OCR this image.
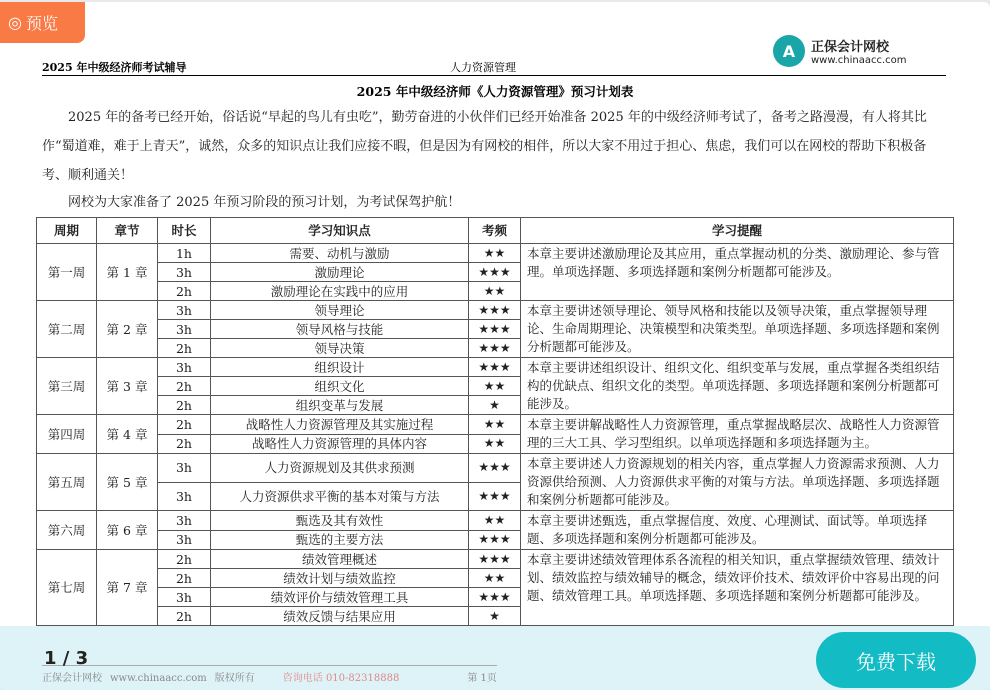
2025 年中级经济师考试辅导	人力资源管理
A	正保会计网校
www.chinaacc.com
2025 年中级经济师《人力资源管理》预习计划表
2025 年的备考已经开始，俗话说“早起的鸟儿有虫吃”，勤劳奋进的小伙伴们已经开始准备 2025 年的中级经济师考试了，备考之路漫漫，有人将其比作“蜀道难，难于上青天”，诚然，众多的知识点让我们应接不暇，但是因为有网校的相伴，所以大家不用过于担心、焦虑，我们可以在网校的帮助下积极备考、顺利通关！
网校为大家准备了 2025 年预习阶段的预习计划，为考试保驾护航！
周期	章节	时长	学习知识点	考频	学习提醒
第一周	第 1 章	1h	需要、动机与激励	★★	本章主要讲述激励理论及其应用，重点掌握动机的分类、激励理论、参与管理。单项选择题、多项选择题和案例分析题都可能涉及。
		3h	激励理论	★★★	
		2h	激励理论在实践中的应用	★★	
第二周	第 2 章	3h	领导理论	★★★	本章主要讲述领导理论、领导风格和技能以及领导决策，重点掌握领导理论、生命周期理论、决策模型和决策类型。单项选择题、多项选择题和案例分析题都可能涉及。
		3h	领导风格与技能	★★★	
		2h	领导决策	★★★	
第三周	第 3 章	3h	组织设计	★★★	本章主要讲述组织设计、组织文化、组织变革与发展，重点掌握各类组织结构的优缺点、组织文化的类型。单项选择题、多项选择题和案例分析题都可能涉及。
		2h	组织文化	★★	
		2h	组织变革与发展	★	
第四周	第 4 章	2h	战略性人力资源管理及其实施过程	★★	本章主要讲解战略性人力资源管理，重点掌握战略层次、战略性人力资源管理的三大工具、学习型组织。以单项选择题和多项选择题为主。
		2h	战略性人力资源管理的具体内容	★★	
第五周	第 5 章	3h	人力资源规划及其供求预测	★★★	本章主要讲述人力资源规划的相关内容，重点掌握人力资源需求预测、人力资源供给预测、人力资源供求平衡的对策与方法。单项选择题、多项选择题和案例分析题都可能涉及。
		3h	人力资源供求平衡的基本对策与方法	★★★	
第六周	第 6 章	3h	甄选及其有效性	★★	本章主要讲述甄选，重点掌握信度、效度、心理测试、面试等。单项选择题、多项选择题和案例分析题都可能涉及。
		3h	甄选的主要方法	★★★	
第七周	第 7 章	2h	绩效管理概述	★★★	本章主要讲述绩效管理体系各流程的相关知识，重点掌握绩效管理、绩效计划、绩效监控与绩效辅导的概念，绩效评价技术、绩效评价中容易出现的问题、绩效管理工具。单项选择题、多项选择题和案例分析题都可能涉及。
		2h	绩效计划与绩效监控	★★	
		3h	绩效评价与绩效管理工具	★★★	
		2h	绩效反馈与结果应用	★	
◎ 预览
正保会计网校 www.chinaacc.com 版权所有	咨询电话 010-82318888	第 1页
1 / 3	免费下载
